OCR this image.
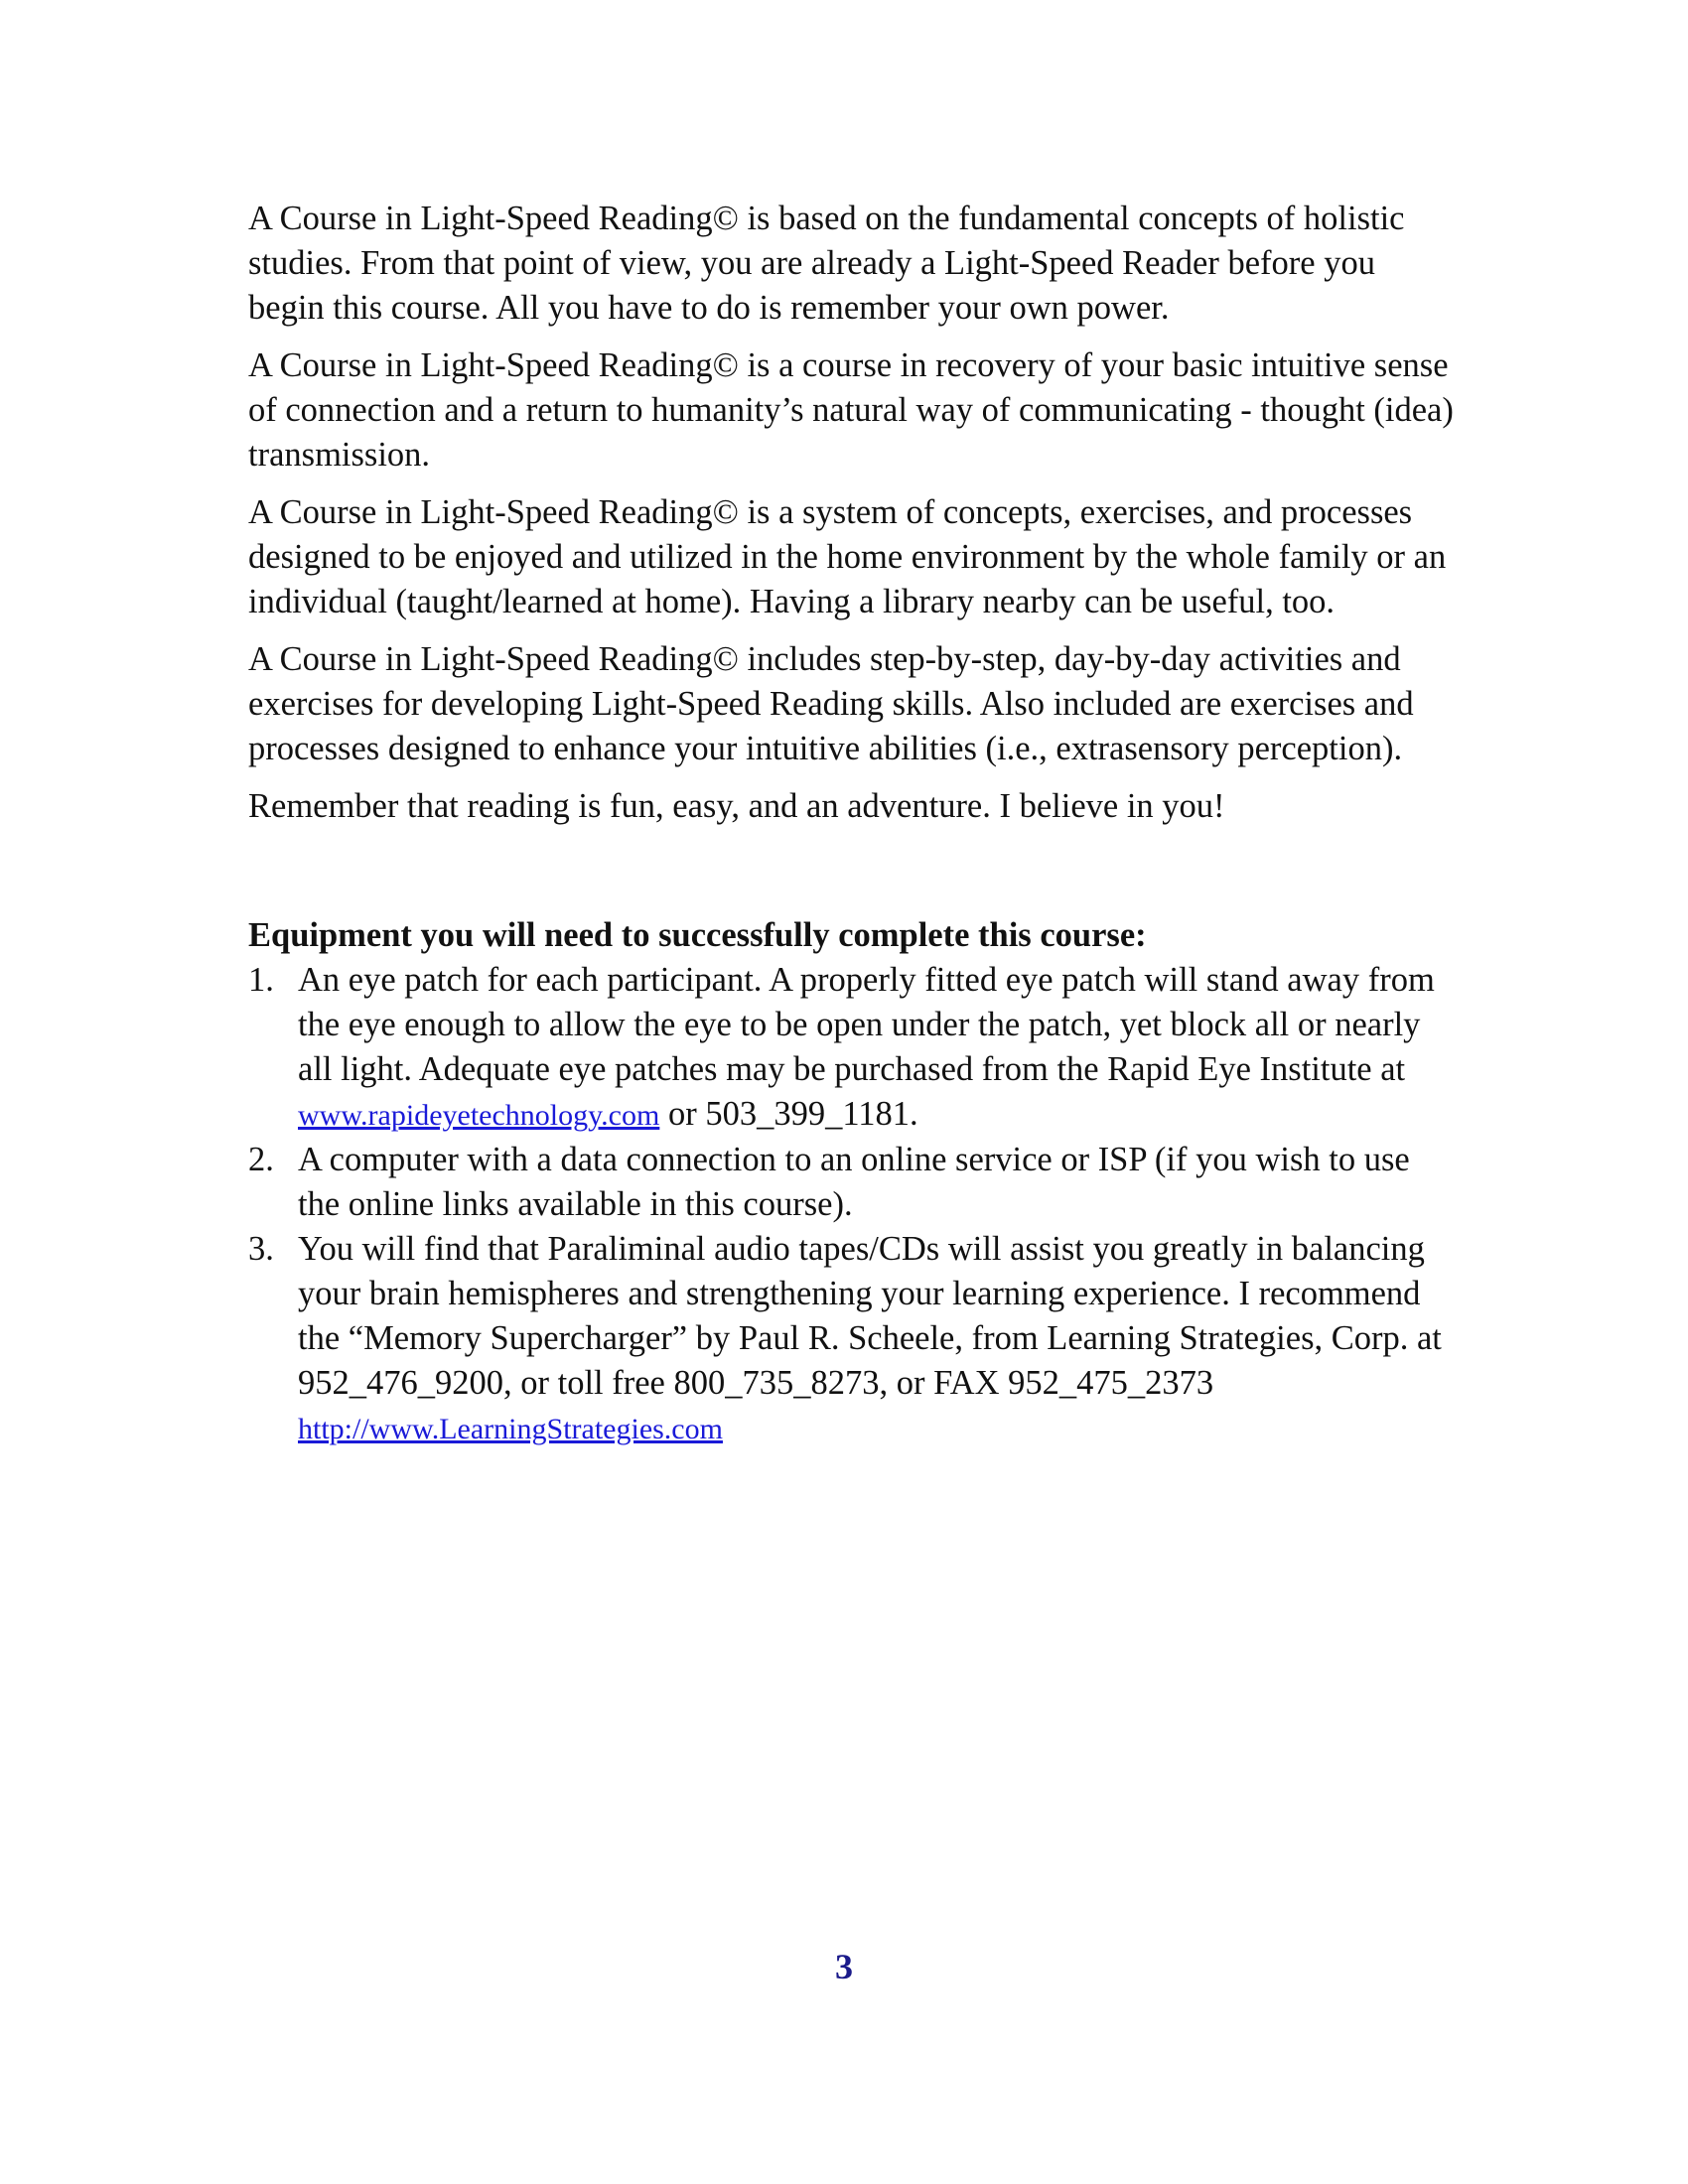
A Course in Light-Speed Reading© is based on the fundamental concepts of holistic studies. From that point of view, you are already a Light-Speed Reader before you begin this course. All you have to do is remember your own power.

A Course in Light-Speed Reading© is a course in recovery of your basic intuitive sense of connection and a return to humanity’s natural way of communicating - thought (idea) transmission.

A Course in Light-Speed Reading© is a system of concepts, exercises, and processes designed to be enjoyed and utilized in the home environment by the whole family or an individual (taught/learned at home). Having a library nearby can be useful, too.

A Course in Light-Speed Reading© includes step-by-step, day-by-day activities and exercises for developing Light-Speed Reading skills. Also included are exercises and processes designed to enhance your intuitive abilities (i.e., extrasensory perception).

Remember that reading is fun, easy, and an adventure. I believe in you!

Equipment you will need to successfully complete this course:
1. An eye patch for each participant. A properly fitted eye patch will stand away from the eye enough to allow the eye to be open under the patch, yet block all or nearly all light. Adequate eye patches may be purchased from the Rapid Eye Institute at www.rapideyetechnology.com or 503_399_1181.
2. A computer with a data connection to an online service or ISP (if you wish to use the online links available in this course).
3. You will find that Paraliminal audio tapes/CDs will assist you greatly in balancing your brain hemispheres and strengthening your learning experience. I recommend the “Memory Supercharger” by Paul R. Scheele, from Learning Strategies, Corp. at 952_476_9200, or toll free 800_735_8273, or FAX 952_475_2373 http://www.LearningStrategies.com
3
